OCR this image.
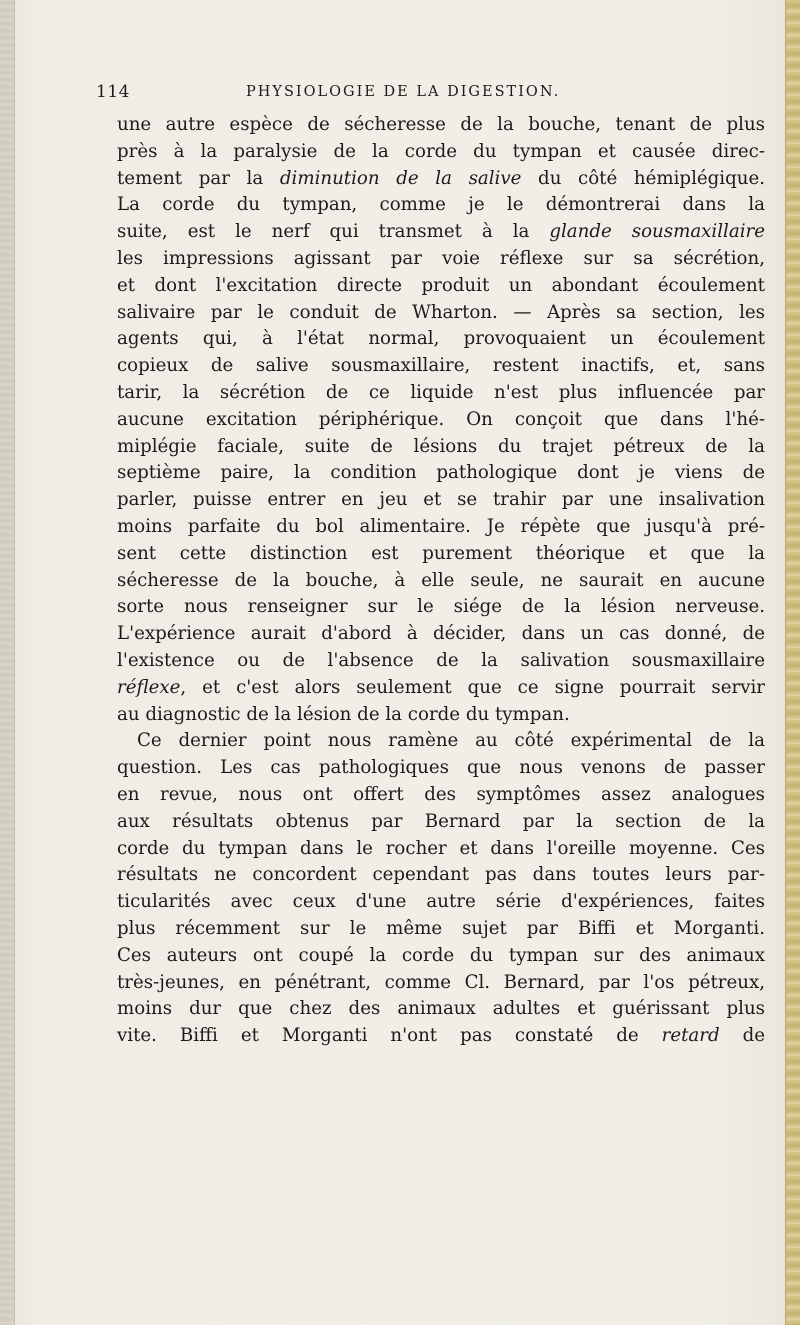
114	PHYSIOLOGIE DE LA DIGESTION.
une autre espèce de sécheresse de la bouche, tenant de plus
près à la paralysie de la corde du tympan et causée direc-
tement par la diminution de la salive du côté hémiplégique.
La corde du tympan, comme je le démontrerai dans la
suite, est le nerf qui transmet à la glande sousmaxillaire
les impressions agissant par voie réflexe sur sa sécrétion,
et dont l'excitation directe produit un abondant écoulement
salivaire par le conduit de Wharton. — Après sa section, les
agents qui, à l'état normal, provoquaient un écoulement
copieux de salive sousmaxillaire, restent inactifs, et, sans
tarir, la sécrétion de ce liquide n'est plus influencée par
aucune excitation périphérique. On conçoit que dans l'hé-
miplégie faciale, suite de lésions du trajet pétreux de la
septième paire, la condition pathologique dont je viens de
parler, puisse entrer en jeu et se trahir par une insalivation
moins parfaite du bol alimentaire. Je répète que jusqu'à pré-
sent cette distinction est purement théorique et que la
sécheresse de la bouche, à elle seule, ne saurait en aucune
sorte nous renseigner sur le siége de la lésion nerveuse.
L'expérience aurait d'abord à décider, dans un cas donné, de
l'existence ou de l'absence de la salivation sousmaxillaire
réflexe, et c'est alors seulement que ce signe pourrait servir
au diagnostic de la lésion de la corde du tympan.
Ce dernier point nous ramène au côté expérimental de la
question. Les cas pathologiques que nous venons de passer
en revue, nous ont offert des symptômes assez analogues
aux résultats obtenus par Bernard par la section de la
corde du tympan dans le rocher et dans l'oreille moyenne. Ces
résultats ne concordent cependant pas dans toutes leurs par-
ticularités avec ceux d'une autre série d'expériences, faites
plus récemment sur le même sujet par Biffi et Morganti.
Ces auteurs ont coupé la corde du tympan sur des animaux
très-jeunes, en pénétrant, comme Cl. Bernard, par l'os pétreux,
moins dur que chez des animaux adultes et guérissant plus
vite. Biffi et Morganti n'ont pas constaté de retard de
